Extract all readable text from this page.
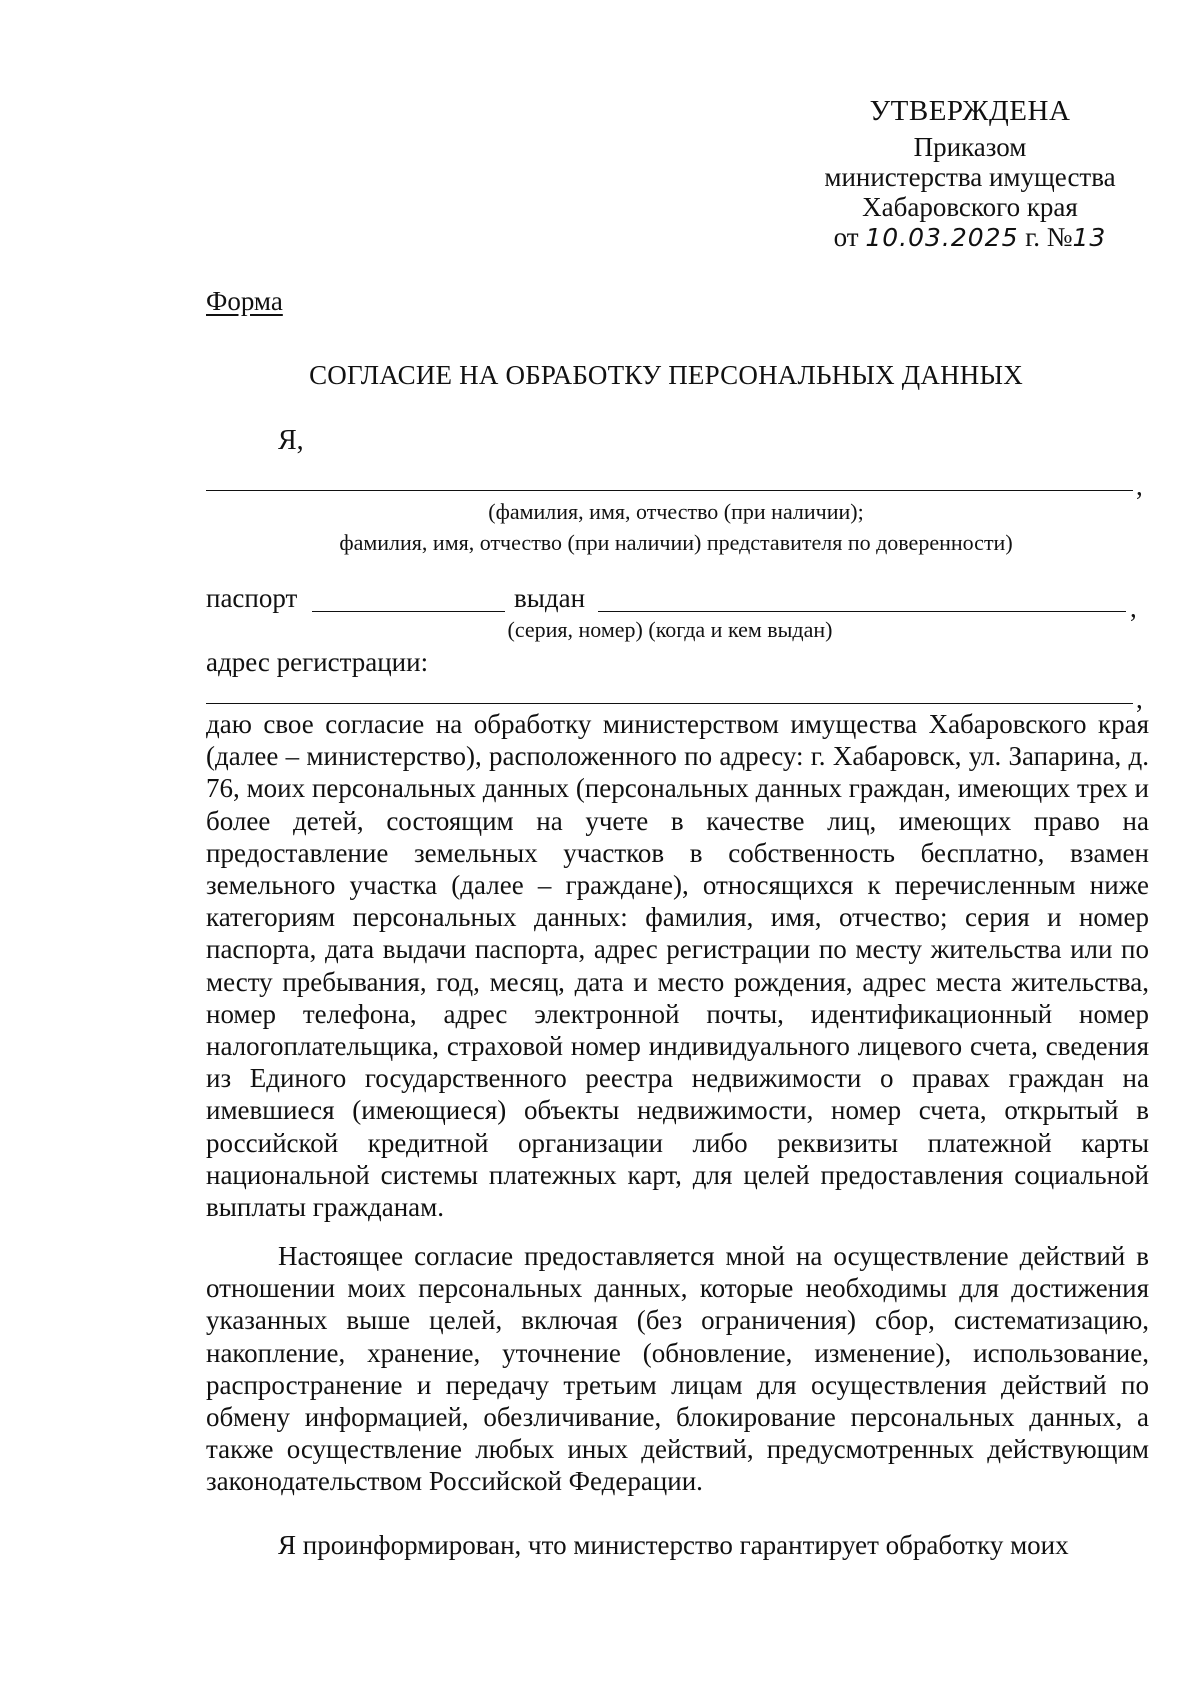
УТВЕРЖДЕНА
Приказом
министерства имущества
Хабаровского края
от 10.03.2025 г. №13
Форма
СОГЛАСИЕ НА ОБРАБОТКУ ПЕРСОНАЛЬНЫХ ДАННЫХ
Я,
,
(фамилия, имя, отчество (при наличии);
фамилия, имя, отчество (при наличии) представителя по доверенности)
паспорт	выдан	,
(серия, номер) (когда и кем выдан)
адрес регистрации:
,

даю свое согласие на обработку министерством имущества Хабаровского края (далее – министерство), расположенного по адресу: г. Хабаровск, ул. Запарина, д. 76, моих персональных данных (персональных данных граждан, имеющих трех и более детей, состоящим на учете в качестве лиц, имеющих право на предоставление земельных участков в собственность бесплатно, взамен земельного участка (далее – граждане), относящихся к перечисленным ниже категориям персональных данных: фамилия, имя, отчество; серия и номер паспорта, дата выдачи паспорта, адрес регистрации по месту жительства или по месту пребывания, год, месяц, дата и место рождения, адрес места жительства, номер телефона, адрес электронной почты, идентификационный номер налогоплательщика, страховой номер индивидуального лицевого счета, сведения из Единого государственного реестра недвижимости о правах граждан на имевшиеся (имеющиеся) объекты недвижимости, номер счета, открытый в российской кредитной организации либо реквизиты платежной карты национальной системы платежных карт, для целей предоставления социальной выплаты гражданам.

Настоящее согласие предоставляется мной на осуществление действий в отношении моих персональных данных, которые необходимы для достижения указанных выше целей, включая (без ограничения) сбор, систематизацию, накопление, хранение, уточнение (обновление, изменение), использование, распространение и передачу третьим лицам для осуществления действий по обмену информацией, обезличивание, блокирование персональных данных, а также осуществление любых иных действий, предусмотренных действующим законодательством Российской Федерации.

Я проинформирован, что министерство гарантирует обработку моих
